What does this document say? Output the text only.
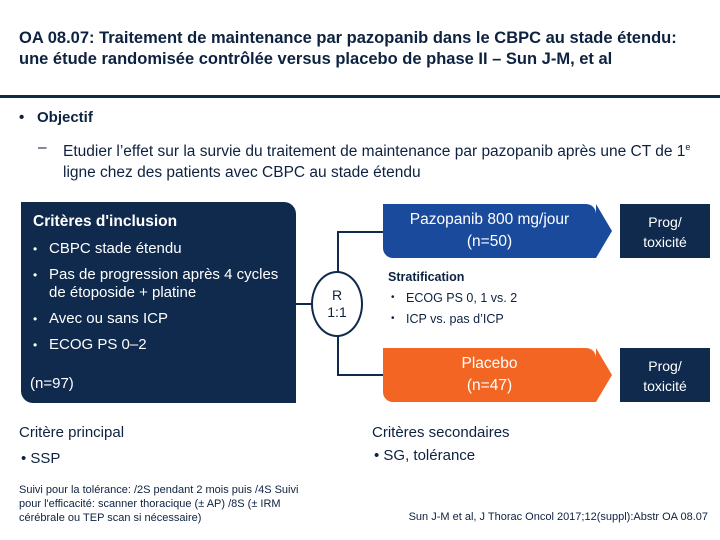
OA 08.07: Traitement de maintenance par pazopanib dans le CBPC au stade étendu: une étude randomisée contrôlée versus placebo de phase II – Sun J-M, et al
• Objectif
– Etudier l’effet sur la survie du traitement de maintenance par pazopanib après une CT de 1e ligne chez des patients avec CBPC au stade étendu
Critères d'inclusion
• CBPC stade étendu
• Pas de progression après 4 cycles de étoposide + platine
• Avec ou sans ICP
• ECOG PS 0–2
(n=97)
R
1:1
Pazopanib 800 mg/jour
(n=50)
Placebo
(n=47)
Stratification
• ECOG PS 0, 1 vs. 2
• ICP vs. pas d’ICP
Prog/
toxicité
Prog/
toxicité
Critère principal
• SSP
Critères secondaires
• SG, tolérance
Suivi pour la tolérance: /2S pendant 2 mois puis /4S Suivi pour l'efficacité: scanner thoracique (± AP) /8S (± IRM cérébrale ou TEP scan si nécessaire)	Sun J-M et al, J Thorac Oncol 2017;12(suppl):Abstr OA 08.07
